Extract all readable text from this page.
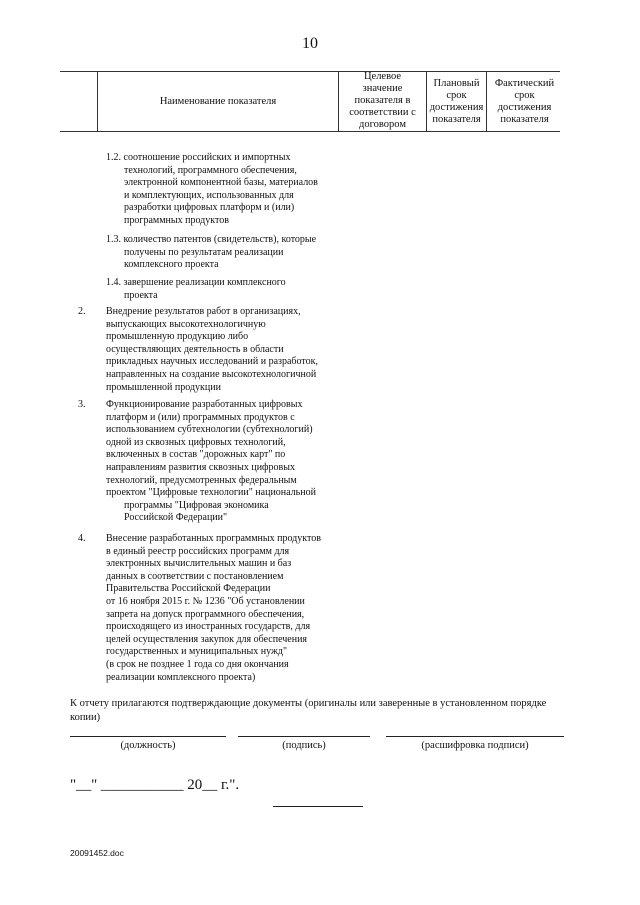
10
Наименование показателя
Целевое
значение
показателя в
соответствии с
договором
Плановый
срок
достижения
показателя
Фактический
срок
достижения
показателя
1.2. соотношение российских и импортных
технологий, программного обеспечения,
электронной компонентной базы, материалов
и комплектующих, использованных для
разработки цифровых платформ и (или)
программных продуктов
1.3. количество патентов (свидетельств), которые
получены по результатам реализации
комплексного проекта
1.4. завершение реализации комплексного
проекта
2. Внедрение результатов работ в организациях,
выпускающих высокотехнологичную
промышленную продукцию либо
осуществляющих деятельность в области
прикладных научных исследований и разработок,
направленных на создание высокотехнологичной
промышленной продукции
3. Функционирование разработанных цифровых
платформ и (или) программных продуктов с
использованием субтехнологии (субтехнологий)
одной из сквозных цифровых технологий,
включенных в состав "дорожных карт" по
направлениям развития сквозных цифровых
технологий, предусмотренных федеральным
проектом "Цифровые технологии" национальной
программы "Цифровая экономика
Российской Федерации"
4. Внесение разработанных программных продуктов
в единый реестр российских программ для
электронных вычислительных машин и баз
данных в соответствии с постановлением
Правительства Российской Федерации
от 16 ноября 2015 г. № 1236 "Об установлении
запрета на допуск программного обеспечения,
происходящего из иностранных государств, для
целей осуществления закупок для обеспечения
государственных и муниципальных нужд"
(в срок не позднее 1 года со дня окончания
реализации комплексного проекта)
К отчету прилагаются подтверждающие документы (оригиналы или заверенные в установленном порядке копии)
(должность)	(подпись)	(расшифровка подписи)
"__" ___________ 20__ г.".
20091452.doc
